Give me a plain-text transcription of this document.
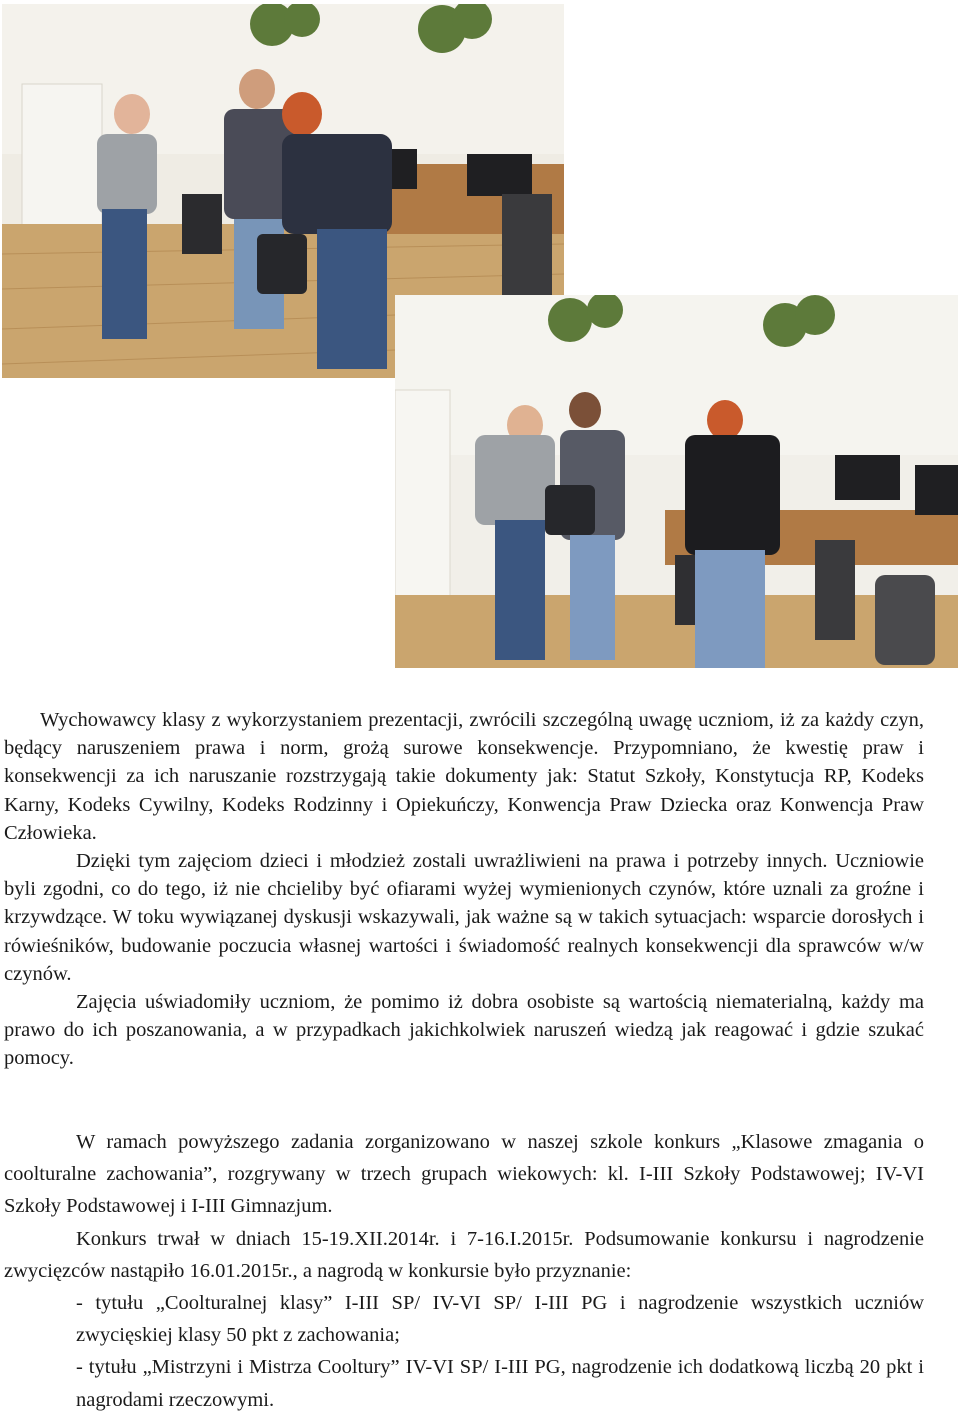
Wychowawcy klasy z wykorzystaniem prezentacji, zwrócili szczególną uwagę uczniom, iż za każdy czyn, będący naruszeniem prawa i norm, grożą surowe konsekwencje. Przypomniano, że kwestię praw i konsekwencji za ich naruszanie rozstrzygają takie dokumenty jak: Statut Szkoły, Konstytucja RP, Kodeks Karny, Kodeks Cywilny, Kodeks Rodzinny i Opiekuńczy, Konwencja Praw Dziecka oraz Konwencja Praw Człowieka.

Dzięki tym zajęciom dzieci i młodzież zostali uwrażliwieni na prawa i potrzeby innych. Uczniowie byli zgodni, co do tego, iż nie chcieliby być ofiarami wyżej wymienionych czynów, które uznali za groźne i krzywdzące. W toku wywiązanej dyskusji wskazywali, jak ważne są w takich sytuacjach: wsparcie dorosłych i rówieśników, budowanie poczucia własnej wartości i świadomość realnych konsekwencji dla sprawców w/w czynów.

Zajęcia uświadomiły uczniom, że pomimo iż dobra osobiste są wartością niematerialną, każdy ma prawo do ich poszanowania, a w przypadkach jakichkolwiek naruszeń wiedzą jak reagować i gdzie szukać pomocy.

W ramach powyższego zadania zorganizowano w naszej szkole konkurs „Klasowe zmagania o coolturalne zachowania”, rozgrywany w trzech grupach wiekowych: kl. I-III Szkoły Podstawowej; IV-VI Szkoły Podstawowej i I-III Gimnazjum.

Konkurs trwał w dniach 15-19.XII.2014r. i 7-16.I.2015r. Podsumowanie konkursu i nagrodzenie zwycięzców nastąpiło 16.01.2015r., a nagrodą w konkursie było przyznanie:

- tytułu „Coolturalnej klasy” I-III SP/ IV-VI SP/ I-III PG i nagrodzenie wszystkich uczniów zwycięskiej klasy 50 pkt z zachowania;

- tytułu „Mistrzyni i Mistrza Cooltury” IV-VI SP/ I-III PG, nagrodzenie ich dodatkową liczbą 20 pkt i nagrodami rzeczowymi.
